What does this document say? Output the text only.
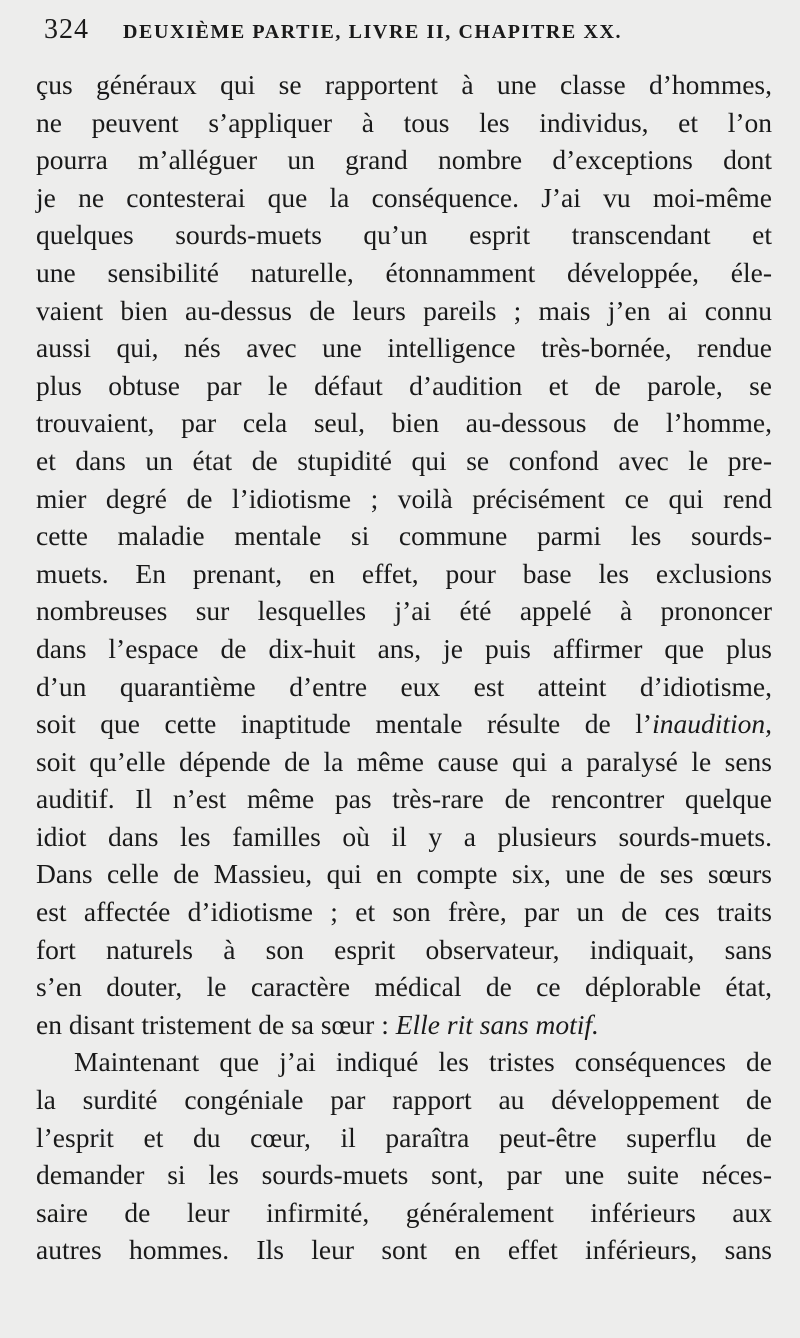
324 DEUXIÈME PARTIE, LIVRE II, CHAPITRE XX.
çus généraux qui se rapportent à une classe d’hommes,
ne peuvent s’appliquer à tous les individus, et l’on
pourra m’alléguer un grand nombre d’exceptions dont
je ne contesterai que la conséquence. J’ai vu moi-même
quelques sourds-muets qu’un esprit transcendant et
une sensibilité naturelle, étonnamment développée, éle-
vaient bien au-dessus de leurs pareils ; mais j’en ai connu
aussi qui, nés avec une intelligence très-bornée, rendue
plus obtuse par le défaut d’audition et de parole, se
trouvaient, par cela seul, bien au-dessous de l’homme,
et dans un état de stupidité qui se confond avec le pre-
mier degré de l’idiotisme ; voilà précisément ce qui rend
cette maladie mentale si commune parmi les sourds-
muets. En prenant, en effet, pour base les exclusions
nombreuses sur lesquelles j’ai été appelé à prononcer
dans l’espace de dix-huit ans, je puis affirmer que plus
d’un quarantième d’entre eux est atteint d’idiotisme,
soit que cette inaptitude mentale résulte de l’inaudition,
soit qu’elle dépende de la même cause qui a paralysé le sens
auditif. Il n’est même pas très-rare de rencontrer quelque
idiot dans les familles où il y a plusieurs sourds-muets.
Dans celle de Massieu, qui en compte six, une de ses sœurs
est affectée d’idiotisme ; et son frère, par un de ces traits
fort naturels à son esprit observateur, indiquait, sans
s’en douter, le caractère médical de ce déplorable état,
en disant tristement de sa sœur : Elle rit sans motif.
Maintenant que j’ai indiqué les tristes conséquences de
la surdité congéniale par rapport au développement de
l’esprit et du cœur, il paraîtra peut-être superflu de
demander si les sourds-muets sont, par une suite néces-
saire de leur infirmité, généralement inférieurs aux
autres hommes. Ils leur sont en effet inférieurs, sans
